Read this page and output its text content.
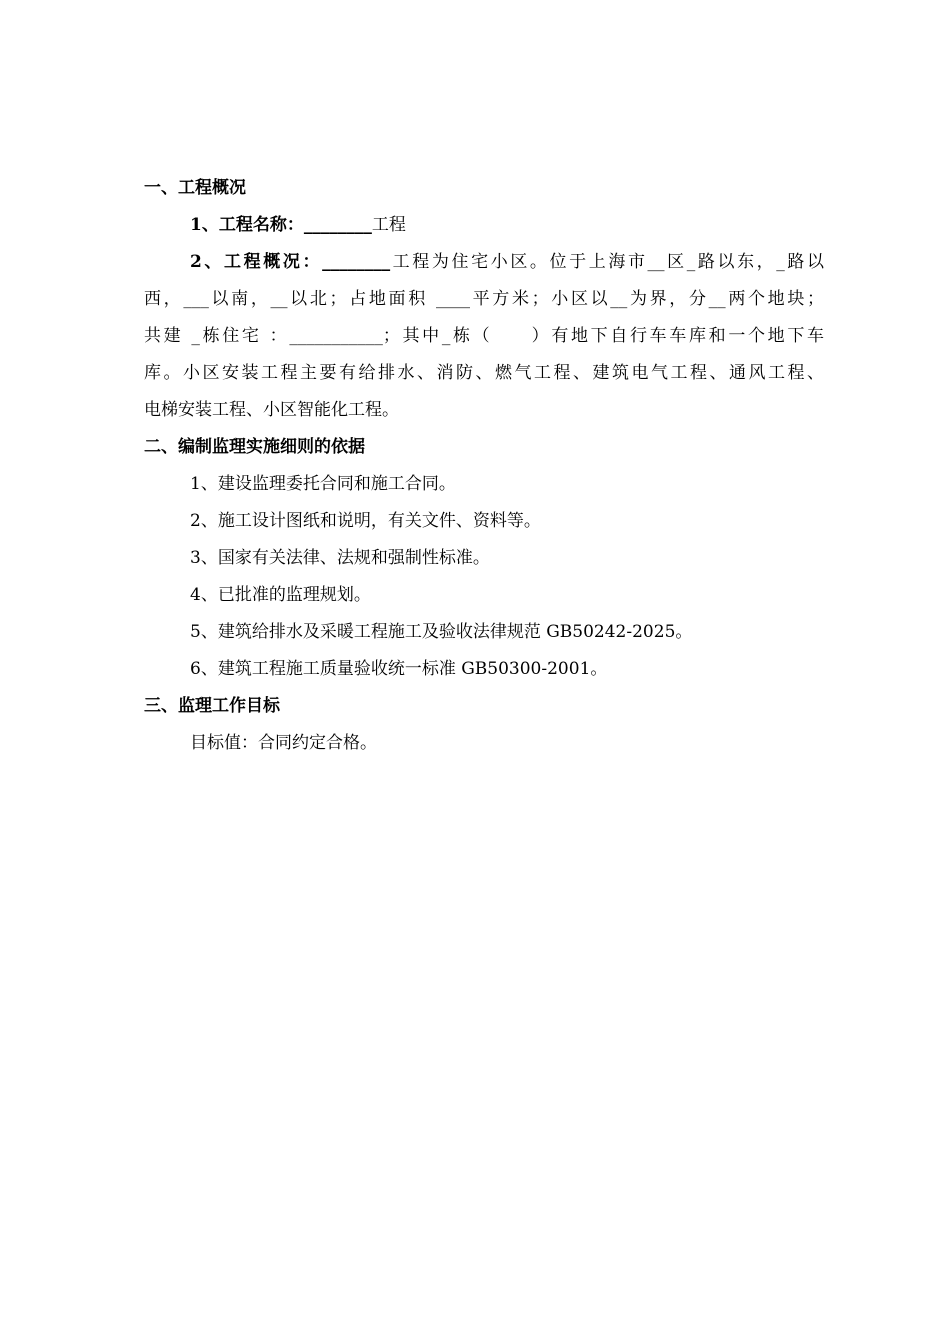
一、工程概况
1、工程名称：________工程
2、工程概况：________工程为住宅小区。位于上海市__区_路以东，_路以
西，___以南，__以北；占地面积 ____平方米；小区以__为界，分__两个地块；
共建 _栋住宅 ：___________；其中_栋（　　）有地下自行车车库和一个地下车
库。小区安装工程主要有给排水、消防、燃气工程、建筑电气工程、通风工程、
电梯安装工程、小区智能化工程。
二、编制监理实施细则的依据
1、建设监理委托合同和施工合同。
2、施工设计图纸和说明，有关文件、资料等。
3、国家有关法律、法规和强制性标准。
4、已批准的监理规划。
5、建筑给排水及采暖工程施工及验收法律规范 GB50242-2025。
6、建筑工程施工质量验收统一标准 GB50300-2001。
三、监理工作目标
目标值：合同约定合格。
